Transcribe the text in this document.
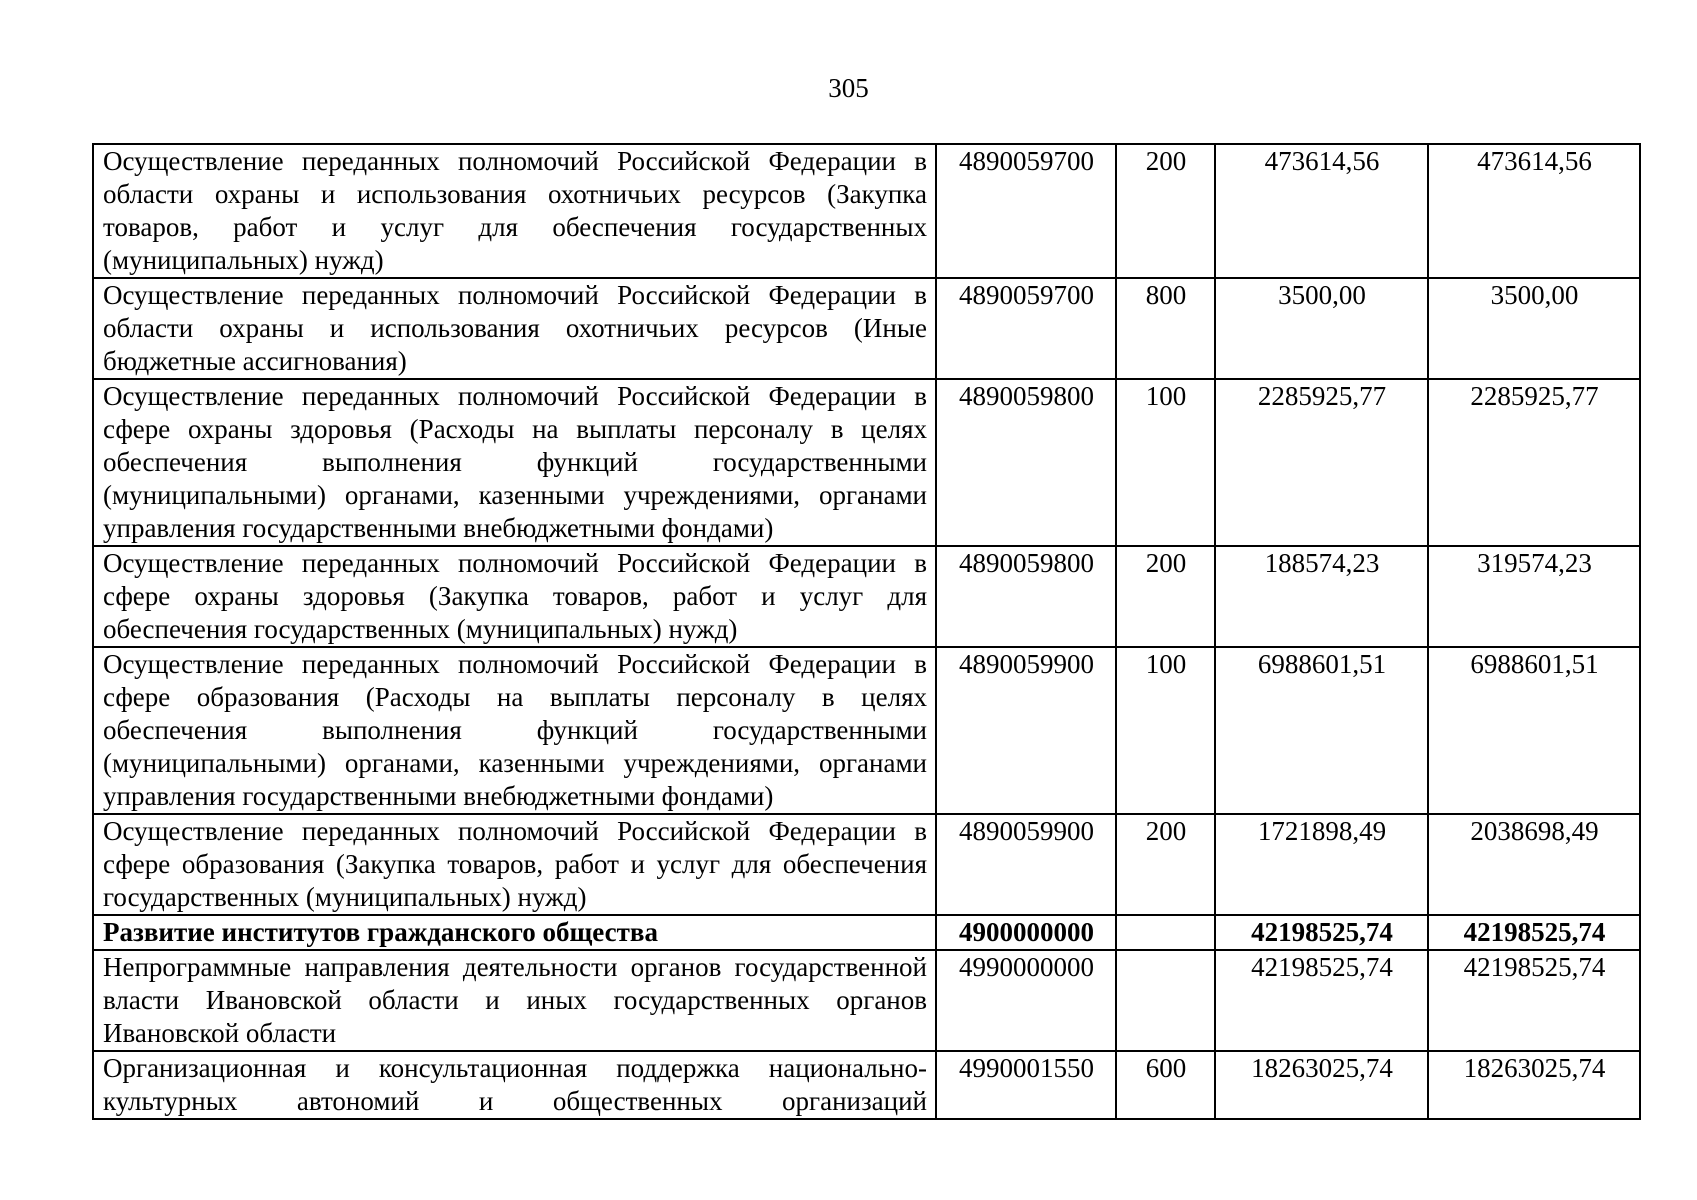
305
Осуществление переданных полномочий Российской Федерации в области охраны и использования охотничьих ресурсов (Закупка товаров, работ и услуг для обеспечения государственных (муниципальных) нужд)	4890059700	200	473614,56	473614,56
Осуществление переданных полномочий Российской Федерации в области охраны и использования охотничьих ресурсов (Иные бюджетные ассигнования)	4890059700	800	3500,00	3500,00
Осуществление переданных полномочий Российской Федерации в сфере охраны здоровья (Расходы на выплаты персоналу в целях обеспечения выполнения функций государственными (муниципальными) органами, казенными учреждениями, органами управления государственными внебюджетными фондами)	4890059800	100	2285925,77	2285925,77
Осуществление переданных полномочий Российской Федерации в сфере охраны здоровья (Закупка товаров, работ и услуг для обеспечения государственных (муниципальных) нужд)	4890059800	200	188574,23	319574,23
Осуществление переданных полномочий Российской Федерации в сфере образования (Расходы на выплаты персоналу в целях обеспечения выполнения функций государственными (муниципальными) органами, казенными учреждениями, органами управления государственными внебюджетными фондами)	4890059900	100	6988601,51	6988601,51
Осуществление переданных полномочий Российской Федерации в сфере образования (Закупка товаров, работ и услуг для обеспечения государственных (муниципальных) нужд)	4890059900	200	1721898,49	2038698,49
Развитие институтов гражданского общества	4900000000		42198525,74	42198525,74
Непрограммные направления деятельности органов государственной власти Ивановской области и иных государственных органов Ивановской области	4990000000		42198525,74	42198525,74
Организационная и консультационная поддержка национально-культурных автономий и общественных организаций	4990001550	600	18263025,74	18263025,74
